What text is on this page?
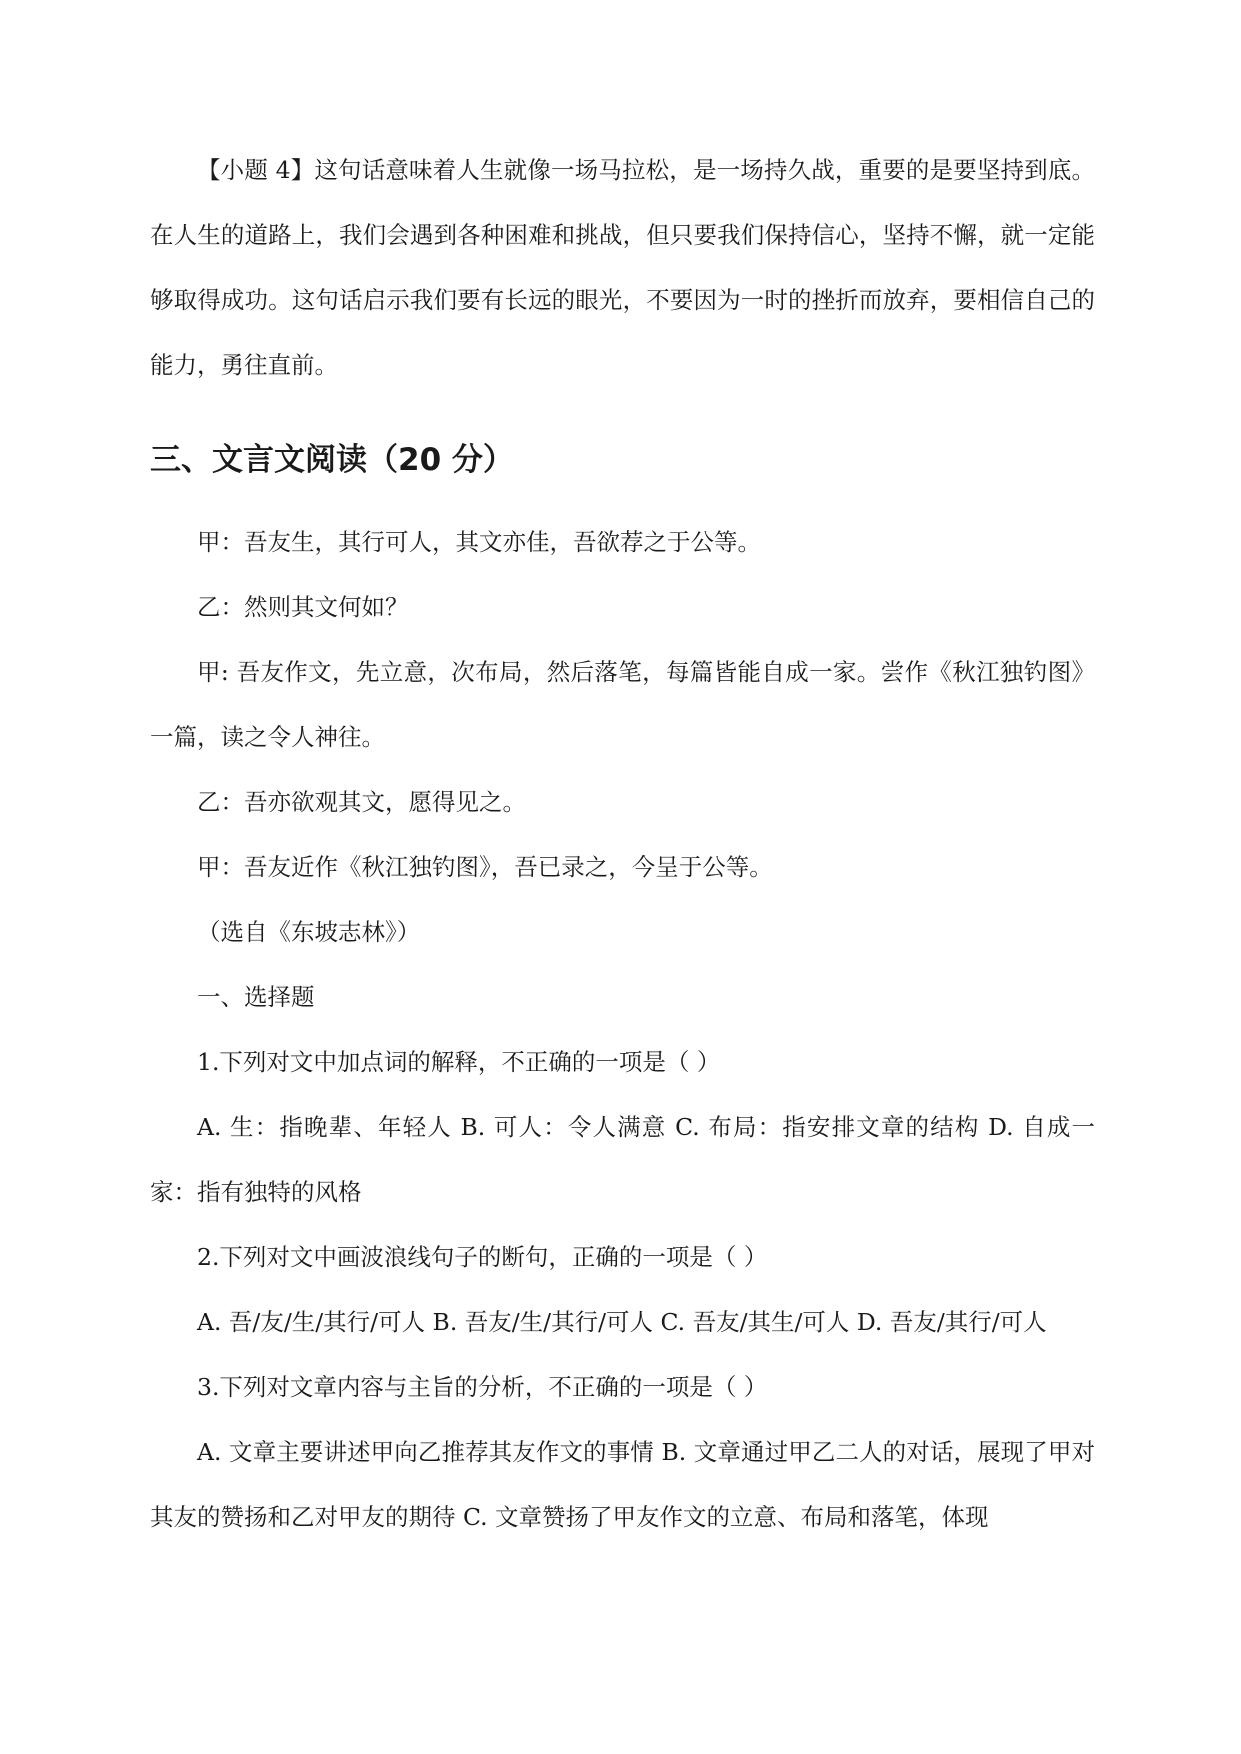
【小题 4】这句话意味着人生就像一场马拉松，是一场持久战，重要的是要坚持到底。在人生的道路上，我们会遇到各种困难和挑战，但只要我们保持信心，坚持不懈，就一定能够取得成功。这句话启示我们要有长远的眼光，不要因为一时的挫折而放弃，要相信自己的能力，勇往直前。

三、文言文阅读（20 分）

甲：吾友生，其行可人，其文亦佳，吾欲荐之于公等。

乙：然则其文何如？

甲: 吾友作文，先立意，次布局，然后落笔，每篇皆能自成一家。尝作《秋江独钓图》一篇，读之令人神往。

乙：吾亦欲观其文，愿得见之。

甲：吾友近作《秋江独钓图》，吾已录之，今呈于公等。

（选自《东坡志林》）

一、选择题

1.下列对文中加点词的解释，不正确的一项是（ ）

A. 生：指晚辈、年轻人 B. 可人：令人满意 C. 布局：指安排文章的结构 D. 自成一家：指有独特的风格

2.下列对文中画波浪线句子的断句，正确的一项是（ ）

A. 吾/友/生/其行/可人 B. 吾友/生/其行/可人 C. 吾友/其生/可人 D. 吾友/其行/可人

3.下列对文章内容与主旨的分析，不正确的一项是（ ）

A. 文章主要讲述甲向乙推荐其友作文的事情 B. 文章通过甲乙二人的对话，展现了甲对其友的赞扬和乙对甲友的期待 C. 文章赞扬了甲友作文的立意、布局和落笔，体现
